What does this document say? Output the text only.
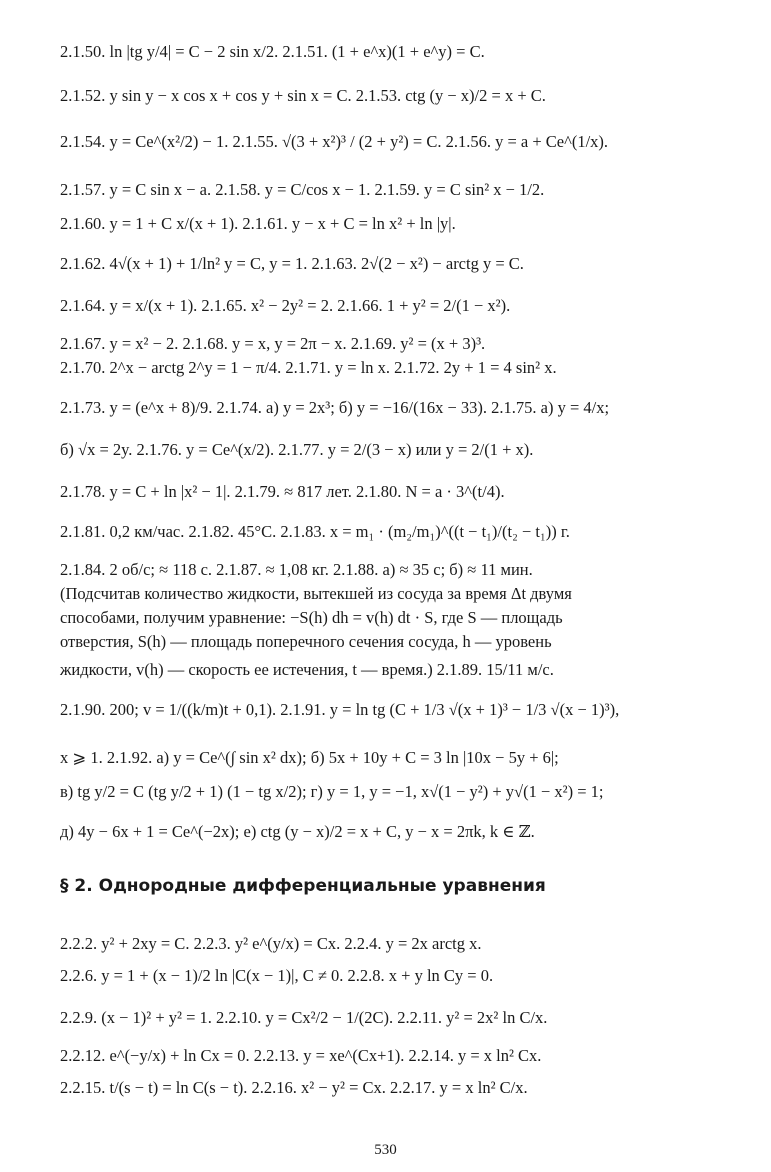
2.1.50. ln |tg y/4| = C − 2 sin x/2. 2.1.51. (1 + e^x)(1 + e^y) = C.
2.1.52. y sin y − x cos x + cos y + sin x = C. 2.1.53. ctg (y − x)/2 = x + C.
2.1.54. y = Ce^(x²/2) − 1. 2.1.55. √(3 + x²)³ / (2 + y²) = C. 2.1.56. y = a + Ce^(1/x).
2.1.57. y = C sin x − a. 2.1.58. y = C/cos x − 1. 2.1.59. y = C sin² x − 1/2.
2.1.60. y = 1 + C x/(x + 1). 2.1.61. y − x + C = ln x² + ln |y|.
2.1.62. 4√(x + 1) + 1/ln² y = C, y = 1. 2.1.63. 2√(2 − x²) − arctg y = C.
2.1.64. y = x/(x + 1). 2.1.65. x² − 2y² = 2. 2.1.66. 1 + y² = 2/(1 − x²).
2.1.67. y = x² − 2. 2.1.68. y = x, y = 2π − x. 2.1.69. y² = (x + 3)³.
2.1.70. 2^x − arctg 2^y = 1 − π/4. 2.1.71. y = ln x. 2.1.72. 2y + 1 = 4 sin² x.
2.1.73. y = (e^x + 8)/9. 2.1.74. а) y = 2x³; б) y = −16/(16x − 33). 2.1.75. а) y = 4/x;
б) √x = 2y. 2.1.76. y = Ce^(x/2). 2.1.77. y = 2/(3 − x) или y = 2/(1 + x).
2.1.78. y = C + ln |x² − 1|. 2.1.79. ≈ 817 лет. 2.1.80. N = a · 3^(t/4).
2.1.81. 0,2 км/час. 2.1.82. 45°C. 2.1.83. x = m₁ · (m₂/m₁)^((t − t₁)/(t₂ − t₁)) г.
2.1.84. 2 об/с; ≈ 118 с. 2.1.87. ≈ 1,08 кг. 2.1.88. а) ≈ 35 с; б) ≈ 11 мин.
(Подсчитав количество жидкости, вытекшей из сосуда за время Δt двумя
способами, получим уравнение: −S(h) dh = v(h) dt · S, где S — площадь
отверстия, S(h) — площадь поперечного сечения сосуда, h — уровень
жидкости, v(h) — скорость ее истечения, t — время.) 2.1.89. 15/11 м/с.
2.1.90. 200; v = 1/((k/m)t + 0,1). 2.1.91. y = ln tg (C + 1/3 √(x + 1)³ − 1/3 √(x − 1)³),
x ⩾ 1. 2.1.92. а) y = Ce^(∫ sin x² dx); б) 5x + 10y + C = 3 ln |10x − 5y + 6|;
в) tg y/2 = C (tg y/2 + 1) (1 − tg x/2); г) y = 1, y = −1, x√(1 − y²) + y√(1 − x²) = 1;
д) 4y − 6x + 1 = Ce^(−2x); е) ctg (y − x)/2 = x + C, y − x = 2πk, k ∈ ℤ.
§ 2. Однородные дифференциальные уравнения
2.2.2. y² + 2xy = C. 2.2.3. y² e^(y/x) = Cx. 2.2.4. y = 2x arctg x.
2.2.6. y = 1 + (x − 1)/2 ln |C(x − 1)|, C ≠ 0. 2.2.8. x + y ln Cy = 0.
2.2.9. (x − 1)² + y² = 1. 2.2.10. y = Cx²/2 − 1/(2C). 2.2.11. y² = 2x² ln C/x.
2.2.12. e^(−y/x) + ln Cx = 0. 2.2.13. y = xe^(Cx+1). 2.2.14. y = x ln² Cx.
2.2.15. t/(s − t) = ln C(s − t). 2.2.16. x² − y² = Cx. 2.2.17. y = x ln² C/x.
530
